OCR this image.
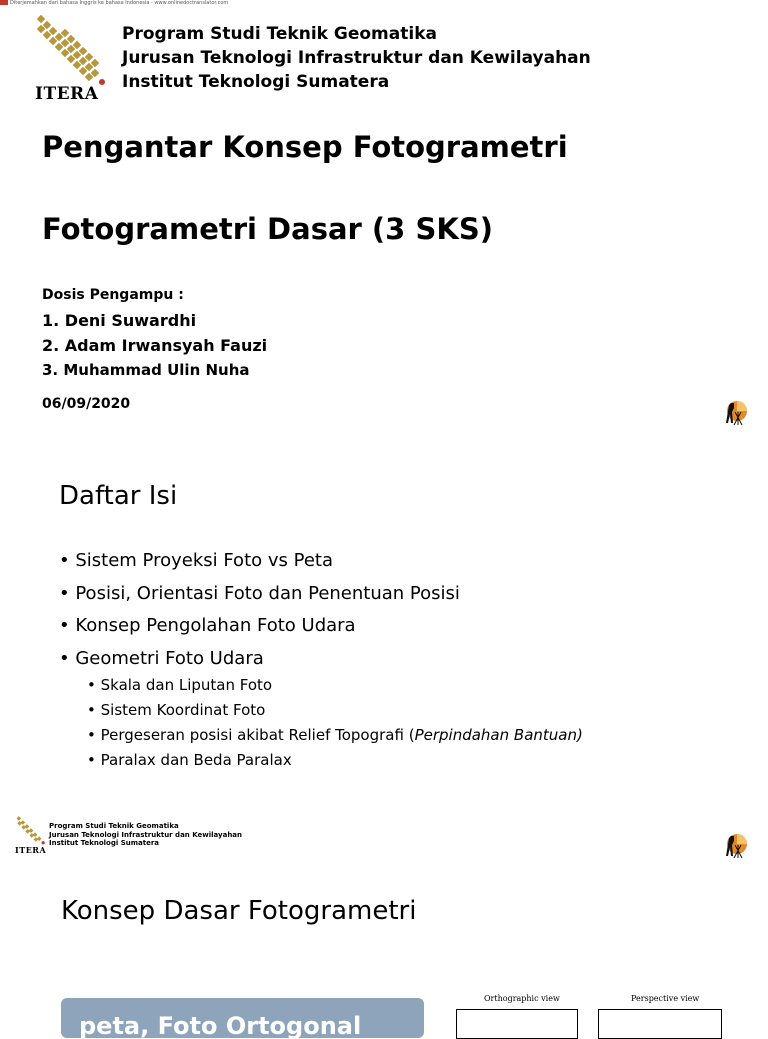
Diterjemahkan dari bahasa Inggris ke bahasa Indonesia - www.onlinedoctranslator.com
ITERA
Program Studi Teknik Geomatika
Jurusan Teknologi Infrastruktur dan Kewilayahan
Institut Teknologi Sumatera
Pengantar Konsep Fotogrametri
Fotogrametri Dasar (3 SKS)
Dosis Pengampu :
1. Deni Suwardhi
2. Adam Irwansyah Fauzi
3. Muhammad Ulin Nuha
06/09/2020
Daftar Isi
• Sistem Proyeksi Foto vs Peta
• Posisi, Orientasi Foto dan Penentuan Posisi
• Konsep Pengolahan Foto Udara
• Geometri Foto Udara
• Skala dan Liputan Foto
• Sistem Koordinat Foto
• Pergeseran posisi akibat Relief Topografi (Perpindahan Bantuan)
• Paralax dan Beda Paralax
ITERA
Program Studi Teknik Geomatika
Jurusan Teknologi Infrastruktur dan Kewilayahan
Institut Teknologi Sumatera
Konsep Dasar Fotogrametri
peta, Foto Ortogonal
Orthographic view	Perspective view
